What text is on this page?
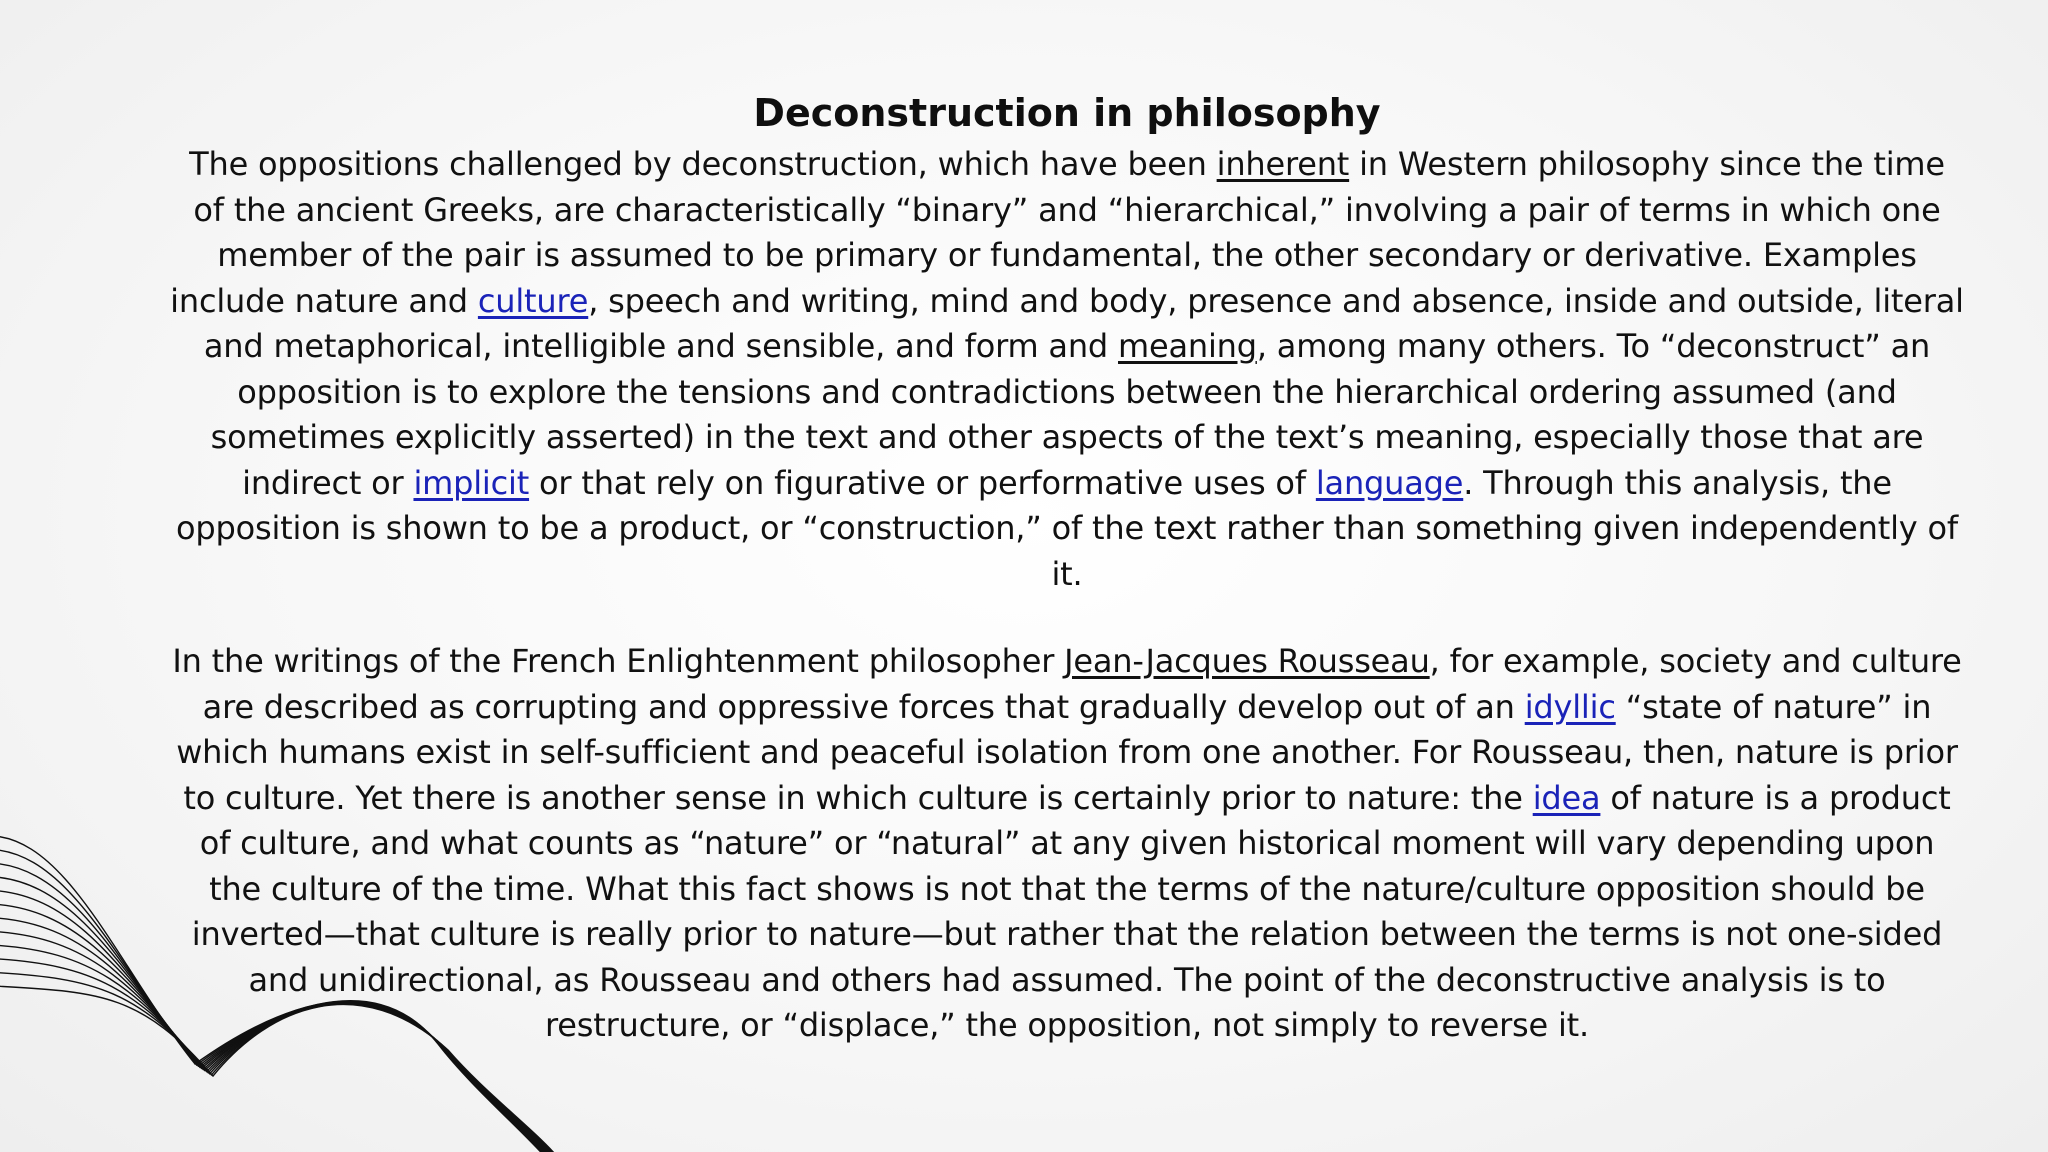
Deconstruction in philosophy

The oppositions challenged by deconstruction, which have been inherent in Western philosophy since the time of the ancient Greeks, are characteristically “binary” and “hierarchical,” involving a pair of terms in which one member of the pair is assumed to be primary or fundamental, the other secondary or derivative. Examples include nature and culture, speech and writing, mind and body, presence and absence, inside and outside, literal and metaphorical, intelligible and sensible, and form and meaning, among many others. To “deconstruct” an opposition is to explore the tensions and contradictions between the hierarchical ordering assumed (and sometimes explicitly asserted) in the text and other aspects of the text’s meaning, especially those that are indirect or implicit or that rely on figurative or performative uses of language. Through this analysis, the opposition is shown to be a product, or “construction,” of the text rather than something given independently of it.

In the writings of the French Enlightenment philosopher Jean-Jacques Rousseau, for example, society and culture are described as corrupting and oppressive forces that gradually develop out of an idyllic “state of nature” in which humans exist in self-sufficient and peaceful isolation from one another. For Rousseau, then, nature is prior to culture. Yet there is another sense in which culture is certainly prior to nature: the idea of nature is a product of culture, and what counts as “nature” or “natural” at any given historical moment will vary depending upon the culture of the time. What this fact shows is not that the terms of the nature/culture opposition should be inverted—that culture is really prior to nature—but rather that the relation between the terms is not one-sided and unidirectional, as Rousseau and others had assumed. The point of the deconstructive analysis is to restructure, or “displace,” the opposition, not simply to reverse it.
